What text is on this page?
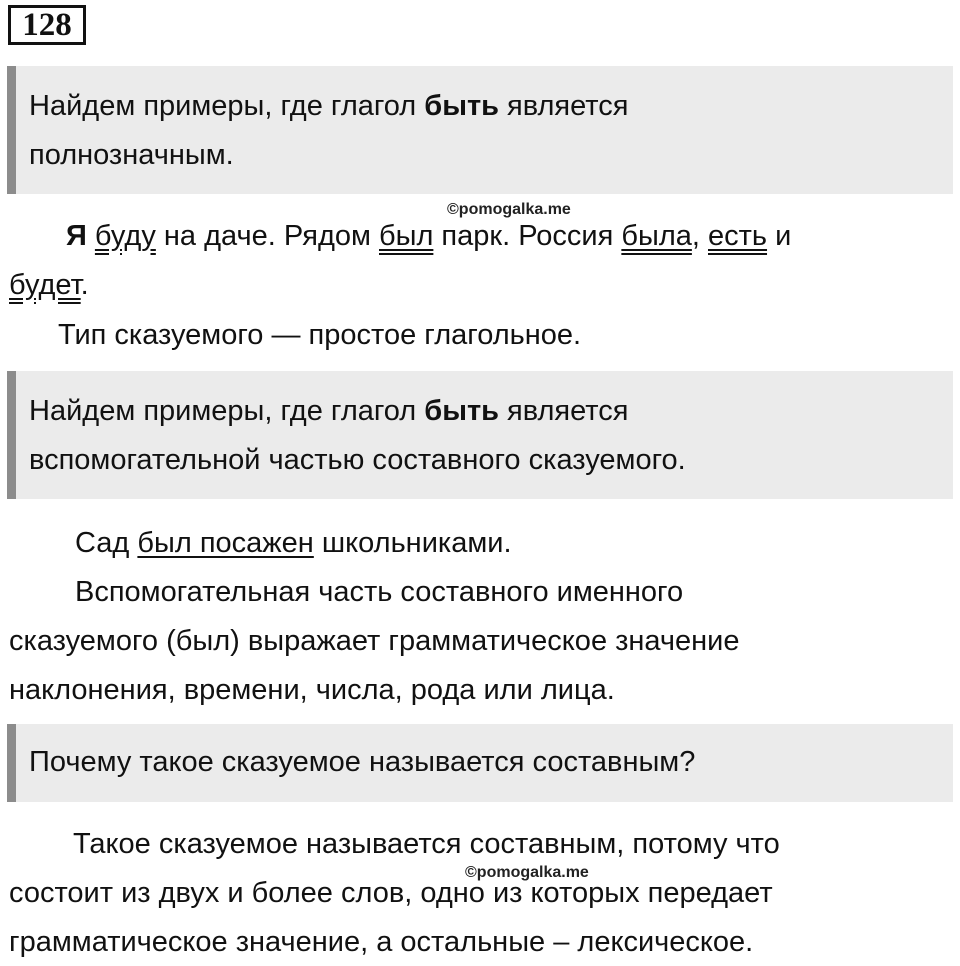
128
Найдем примеры, где глагол быть является
полнозначным.
©pomogalka.me
Я буду на даче. Рядом был парк. Россия была, есть и
будет.
Тип сказуемого — простое глагольное.
Найдем примеры, где глагол быть является
вспомогательной частью составного сказуемого.
Сад был посажен школьниками.
Вспомогательная часть составного именного
сказуемого (был) выражает грамматическое значение
наклонения, времени, числа, рода или лица.
Почему такое сказуемое называется составным?
Такое сказуемое называется составным, потому что
©pomogalka.me
состоит из двух и более слов, одно из которых передает
грамматическое значение, а остальные – лексическое.
